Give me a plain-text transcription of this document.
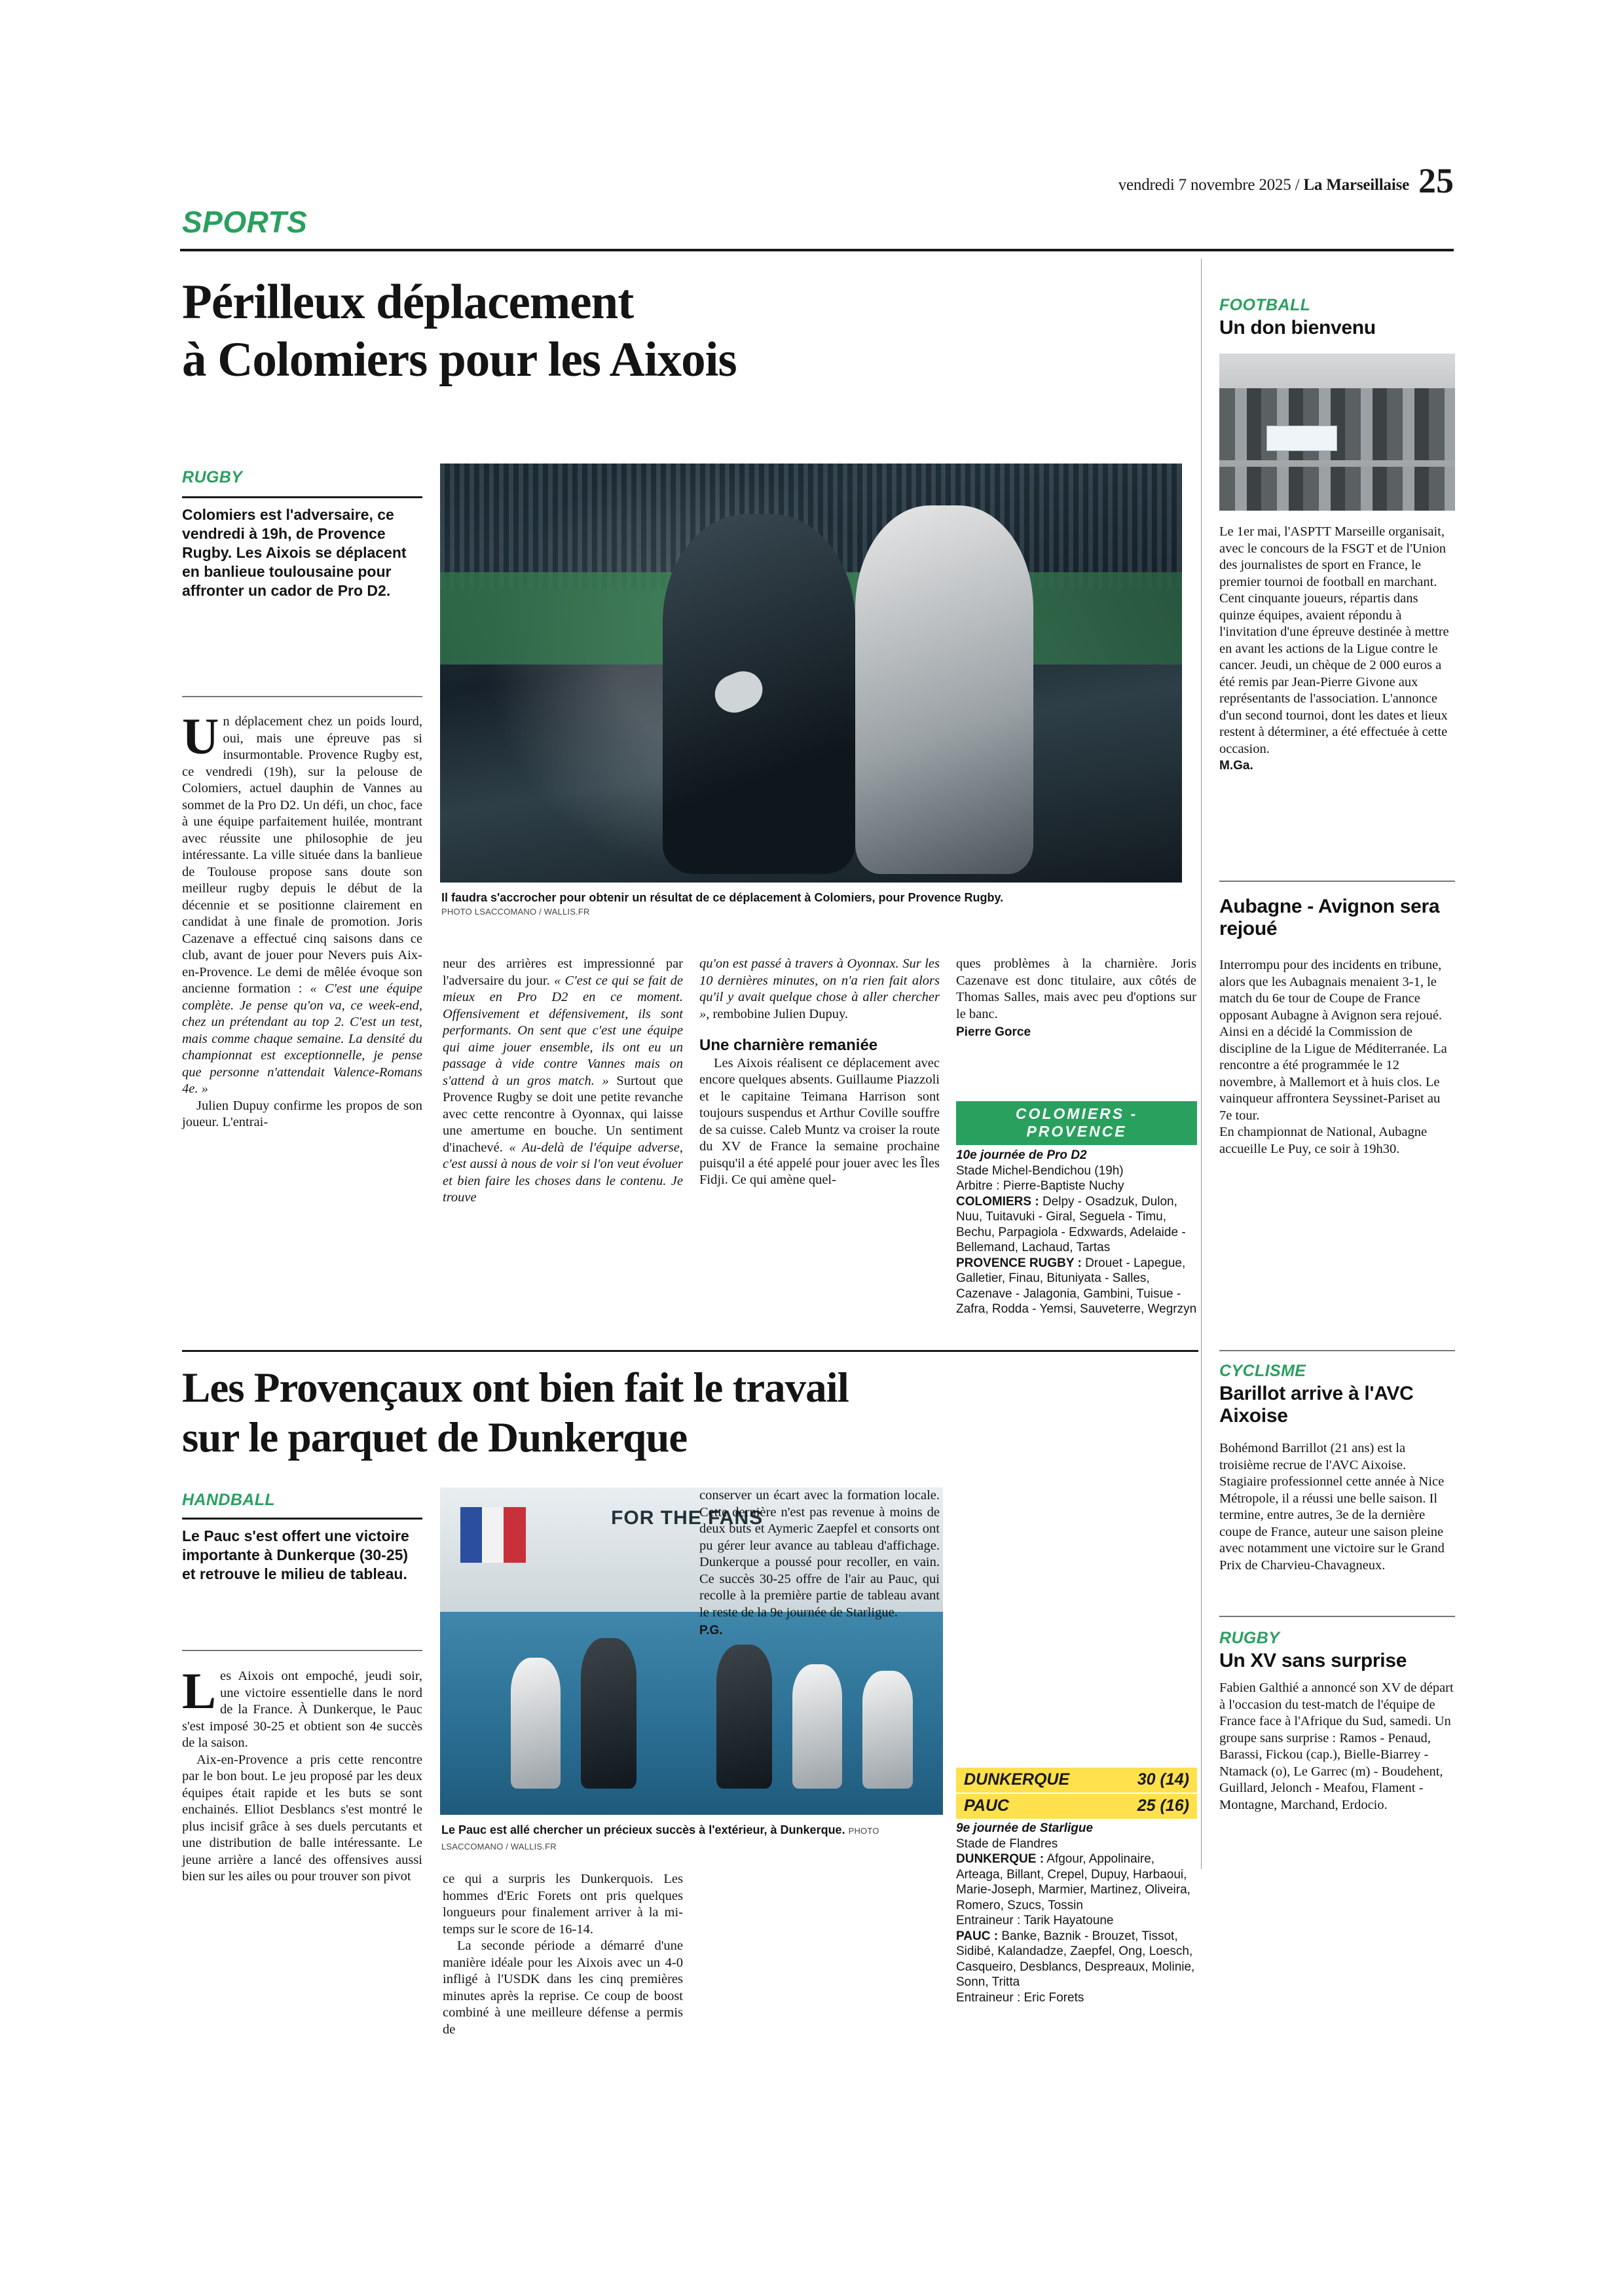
vendredi 7 novembre 2025 / La Marseillaise 25
SPORTS
Périlleux déplacement
à Colomiers pour les Aixois
RUGBY
Colomiers est l'adversaire, ce vendredi à 19h, de Provence Rugby. Les Aixois se déplacent en banlieue toulousaine pour affronter un cador de Pro D2.
Il faudra s'accrocher pour obtenir un résultat de ce déplacement à Colomiers, pour Provence Rugby.
PHOTO LSACCOMANO / WALLIS.FR

Un déplacement chez un poids lourd, oui, mais une épreuve pas si insurmontable. Provence Rugby est, ce vendredi (19h), sur la pelouse de Colomiers, actuel dauphin de Vannes au sommet de la Pro D2. Un défi, un choc, face à une équipe parfaitement huilée, montrant avec réussite une philosophie de jeu intéressante. La ville située dans la banlieue de Toulouse propose sans doute son meilleur rugby depuis le début de la décennie et se positionne clairement en candidat à une finale de promotion. Joris Cazenave a effectué cinq saisons dans ce club, avant de jouer pour Nevers puis Aix-en-Provence. Le demi de mêlée évoque son ancienne formation : « C'est une équipe complète. Je pense qu'on va, ce week-end, chez un prétendant au top 2. C'est un test, mais comme chaque semaine. La densité du championnat est exceptionnelle, je pense que personne n'attendait Valence-Romans 4e. »

Julien Dupuy confirme les propos de son joueur. L'entrai-

neur des arrières est impressionné par l'adversaire du jour. « C'est ce qui se fait de mieux en Pro D2 en ce moment. Offensivement et défensivement, ils sont performants. On sent que c'est une équipe qui aime jouer ensemble, ils ont eu un passage à vide contre Vannes mais on s'attend à un gros match. » Surtout que Provence Rugby se doit une petite revanche avec cette rencontre à Oyonnax, qui laisse une amertume en bouche. Un sentiment d'inachevé. « Au-delà de l'équipe adverse, c'est aussi à nous de voir si l'on veut évoluer et bien faire les choses dans le contenu. Je trouve

qu'on est passé à travers à Oyonnax. Sur les 10 dernières minutes, on n'a rien fait alors qu'il y avait quelque chose à aller chercher », rembobine Julien Dupuy.

Une charnière remaniée

Les Aixois réalisent ce déplacement avec encore quelques absents. Guillaume Piazzoli et le capitaine Teimana Harrison sont toujours suspendus et Arthur Coville souffre de sa cuisse. Caleb Muntz va croiser la route du XV de France la semaine prochaine puisqu'il a été appelé pour jouer avec les Îles Fidji. Ce qui amène quel-

ques problèmes à la charnière. Joris Cazenave est donc titulaire, aux côtés de Thomas Salles, mais avec peu d'options sur le banc.

Pierre Gorce
COLOMIERS - PROVENCE
10e journée de Pro D2
Stade Michel-Bendichou (19h)
Arbitre : Pierre-Baptiste Nuchy
COLOMIERS : Delpy - Osadzuk, Dulon, Nuu, Tuitavuki - Giral, Seguela - Timu, Bechu, Parpagiola - Edxwards, Adelaide - Bellemand, Lachaud, Tartas
PROVENCE RUGBY : Drouet - Lapegue, Galletier, Finau, Bituniyata - Salles, Cazenave - Jalagonia, Gambini, Tuisue - Zafra, Rodda - Yemsi, Sauveterre, Wegrzyn
Les Provençaux ont bien fait le travail
sur le parquet de Dunkerque
HANDBALL
Le Pauc s'est offert une victoire importante à Dunkerque (30-25) et retrouve le milieu de tableau.
FOR THE FANS
Le Pauc est allé chercher un précieux succès à l'extérieur, à Dunkerque. PHOTO LSACCOMANO / WALLIS.FR

Les Aixois ont empoché, jeudi soir, une victoire essentielle dans le nord de la France. À Dunkerque, le Pauc s'est imposé 30-25 et obtient son 4e succès de la saison.

Aix-en-Provence a pris cette rencontre par le bon bout. Le jeu proposé par les deux équipes était rapide et les buts se sont enchainés. Elliot Desblancs s'est montré le plus incisif grâce à ses duels percutants et une distribution de balle intéressante. Le jeune arrière a lancé des offensives aussi bien sur les ailes ou pour trouver son pivot	ce qui a surpris les Dunkerquois. Les hommes d'Eric Forets ont pris quelques longueurs pour finalement arriver à la mi-temps sur le score de 16-14.

La seconde période a démarré d'une manière idéale pour les Aixois avec un 4-0 infligé à l'USDK dans les cinq premières minutes après la reprise. Ce coup de boost combiné à une meilleure défense a permis de

conserver un écart avec la formation locale. Cette dernière n'est pas revenue à moins de deux buts et Aymeric Zaepfel et consorts ont pu gérer leur avance au tableau d'affichage. Dunkerque a poussé pour recoller, en vain. Ce succès 30-25 offre de l'air au Pauc, qui recolle à la première partie de tableau avant le reste de la 9e journée de Starligue.

P.G.
DUNKERQUE	30 (14)
PAUC	25 (16)
9e journée de Starligue
Stade de Flandres
DUNKERQUE : Afgour, Appolinaire, Arteaga, Billant, Crepel, Dupuy, Harbaoui, Marie-Joseph, Marmier, Martinez, Oliveira, Romero, Szucs, Tossin
Entraineur : Tarik Hayatoune
PAUC : Banke, Baznik - Brouzet, Tissot, Sidibé, Kalandadze, Zaepfel, Ong, Loesch, Casqueiro, Desblancs, Despreaux, Molinie, Sonn, Tritta
Entraineur : Eric Forets
FOOTBALL
Un don bienvenu

Le 1er mai, l'ASPTT Marseille organisait, avec le concours de la FSGT et de l'Union des journalistes de sport en France, le premier tournoi de football en marchant. Cent cinquante joueurs, répartis dans quinze équipes, avaient répondu à l'invitation d'une épreuve destinée à mettre en avant les actions de la Ligue contre le cancer. Jeudi, un chèque de 2 000 euros a été remis par Jean-Pierre Givone aux représentants de l'association. L'annonce d'un second tournoi, dont les dates et lieux restent à déterminer, a été effectuée à cette occasion.

M.Ga.
Aubagne - Avignon sera rejoué

Interrompu pour des incidents en tribune, alors que les Aubagnais menaient 3-1, le match du 6e tour de Coupe de France opposant Aubagne à Avignon sera rejoué. Ainsi en a décidé la Commission de discipline de la Ligue de Méditerranée. La rencontre a été programmée le 12 novembre, à Mallemort et à huis clos. Le vainqueur affrontera Seyssinet-Pariset au 7e tour.

En championnat de National, Aubagne accueille Le Puy, ce soir à 19h30.

CYCLISME
Barillot arrive à l'AVC Aixoise

Bohémond Barrillot (21 ans) est la troisième recrue de l'AVC Aixoise. Stagiaire professionnel cette année à Nice Métropole, il a réussi une belle saison. Il termine, entre autres, 3e de la dernière coupe de France, auteur une saison pleine avec notamment une victoire sur le Grand Prix de Charvieu-Chavagneux.

RUGBY
Un XV sans surprise

Fabien Galthié a annoncé son XV de départ à l'occasion du test-match de l'équipe de France face à l'Afrique du Sud, samedi. Un groupe sans surprise : Ramos - Penaud, Barassi, Fickou (cap.), Bielle-Biarrey - Ntamack (o), Le Garrec (m) - Boudehent, Guillard, Jelonch - Meafou, Flament - Montagne, Marchand, Erdocio.
